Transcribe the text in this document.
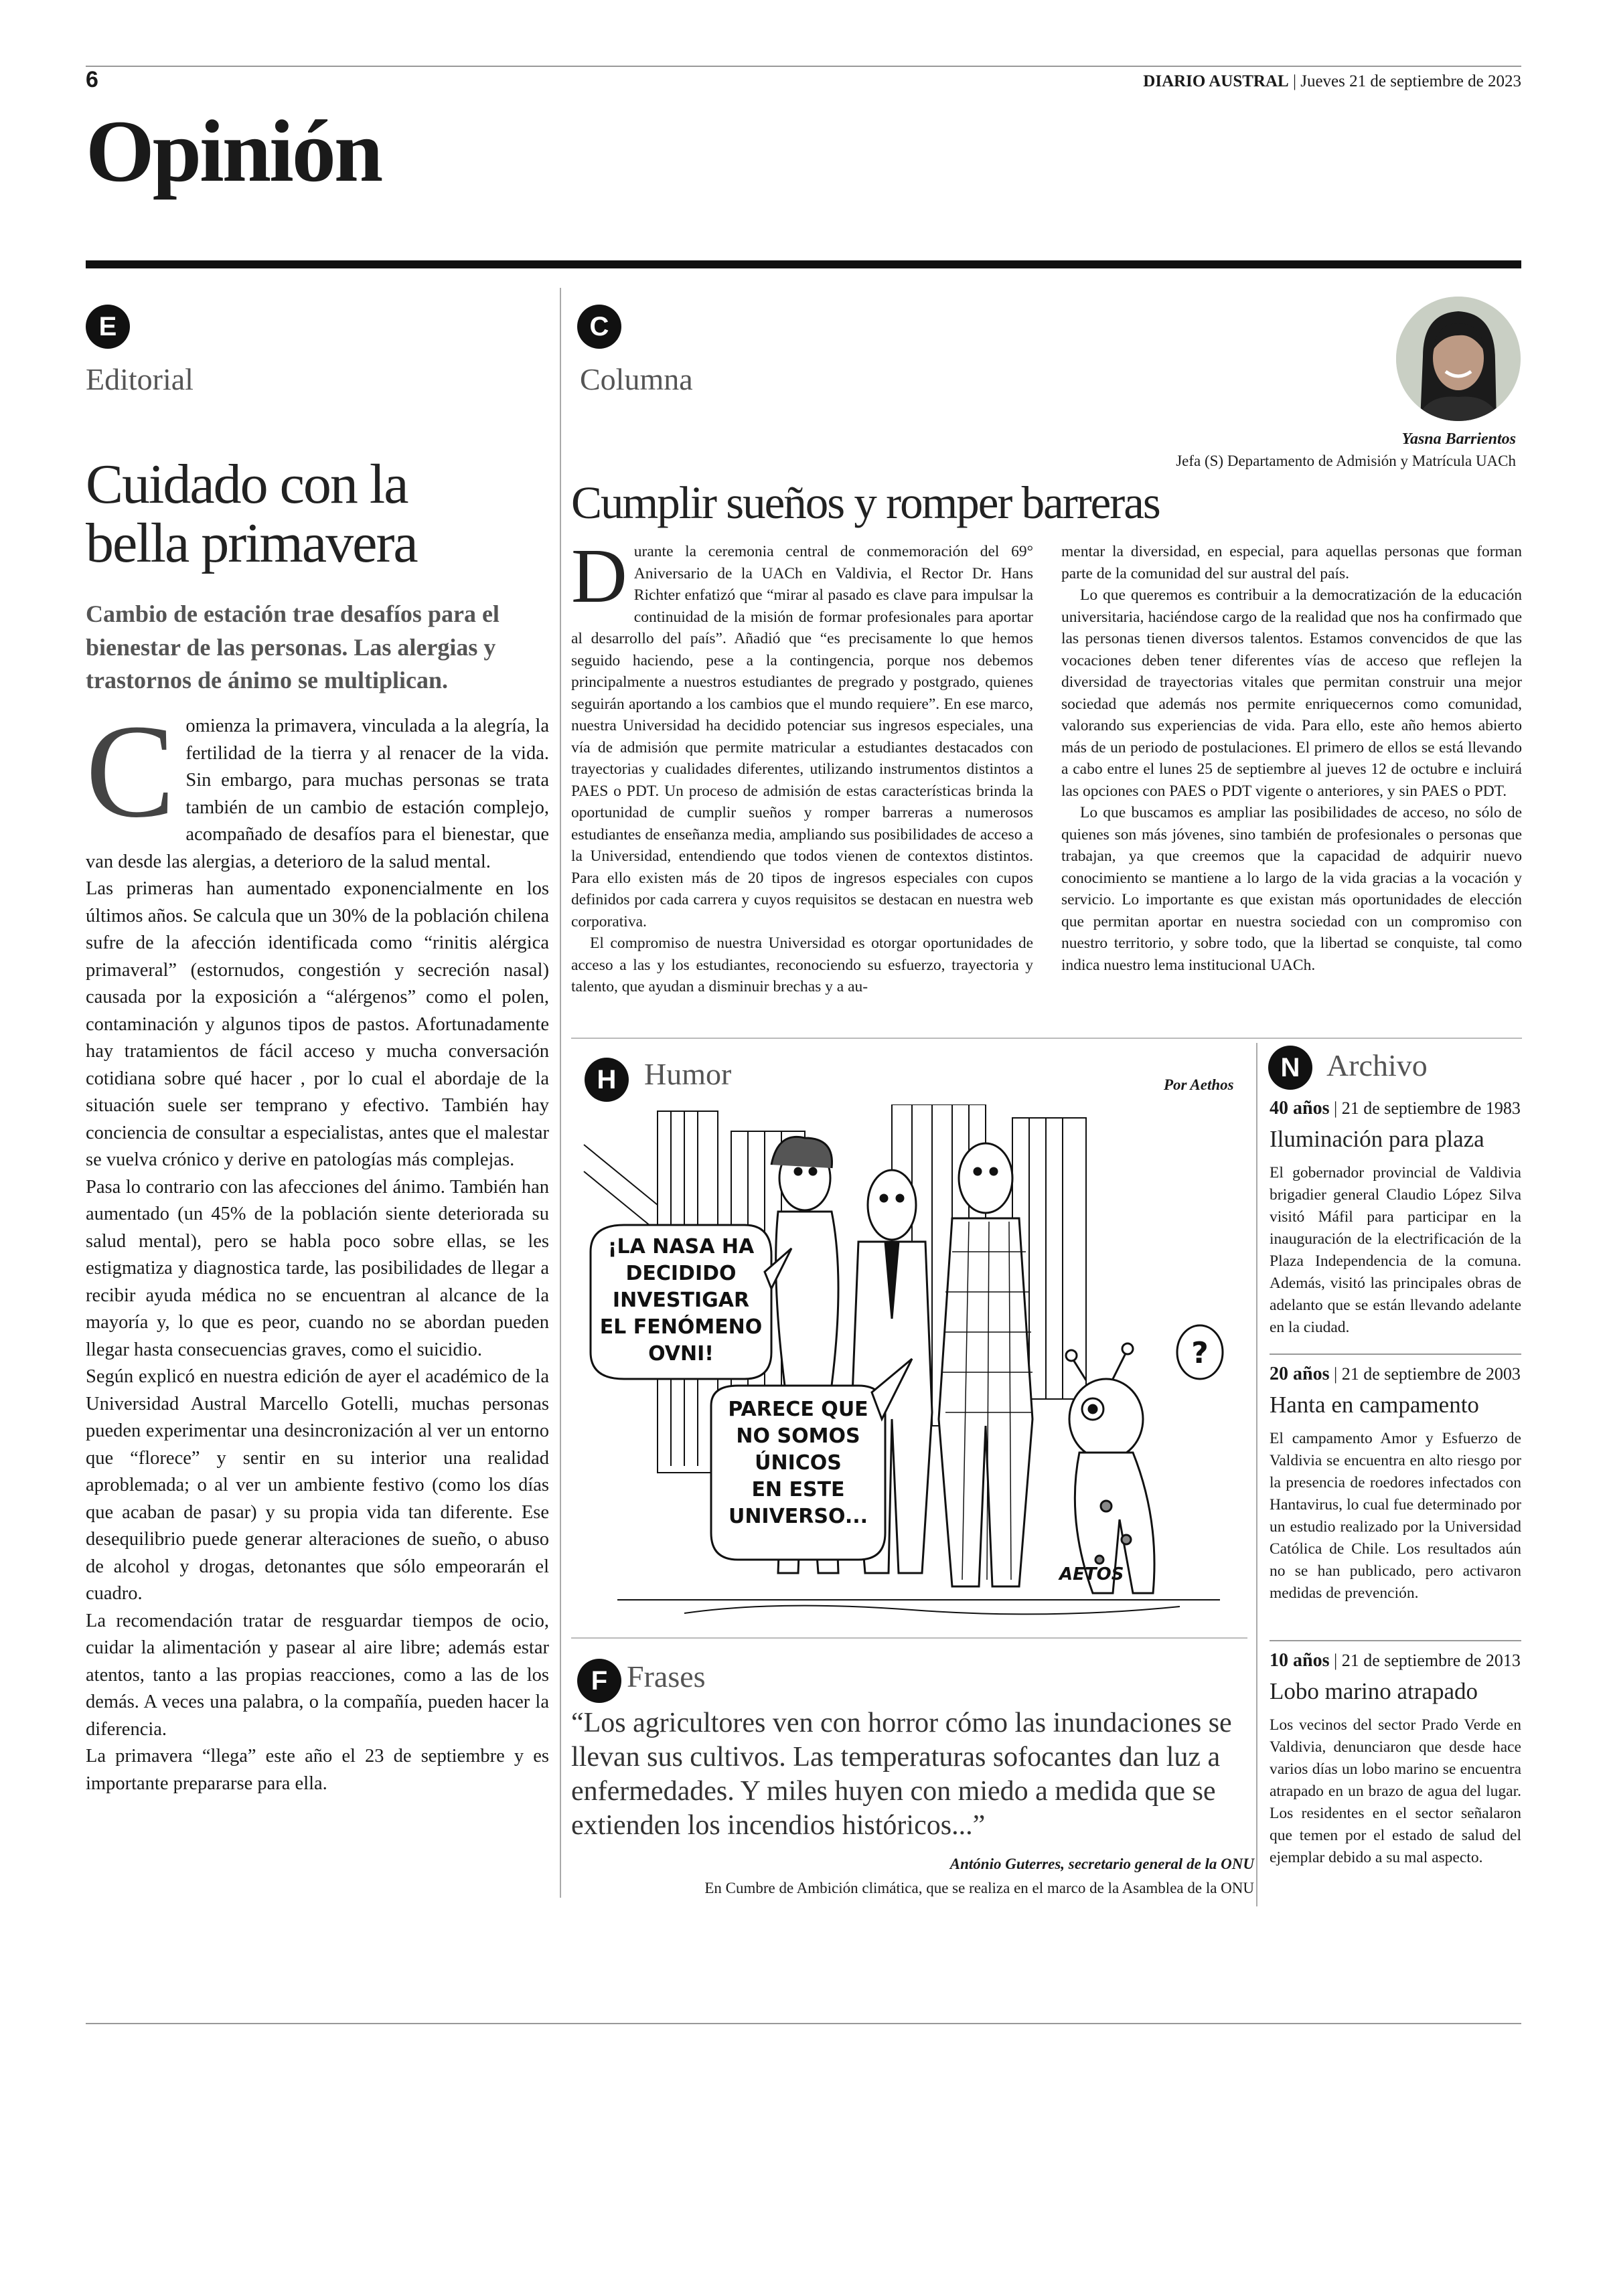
6	DIARIO AUSTRAL | Jueves 21 de septiembre de 2023
Opinión
E
Editorial
Cuidado con la
bella primavera
Cambio de estación trae desafíos para el bienestar de las personas. Las alergias y trastornos de ánimo se multiplican.

Comienza la primavera, vinculada a la alegría, la fertilidad de la tierra y al renacer de la vida. Sin embargo, para muchas personas se trata también de un cambio de estación complejo, acompañado de desafíos para el bienestar, que van desde las alergias, a deterioro de la salud mental.

Las primeras han aumentado exponencialmente en los últimos años. Se calcula que un 30% de la población chilena sufre de la afección identificada como “rinitis alérgica primaveral” (estornudos, congestión y secreción nasal) causada por la exposición a “alérgenos” como el polen, contaminación y algunos tipos de pastos. Afortunadamente hay tratamientos de fácil acceso y mucha conversación cotidiana sobre qué hacer , por lo cual el abordaje de la situación suele ser temprano y efectivo. También hay conciencia de consultar a especialistas, antes que el malestar se vuelva crónico y derive en patologías más complejas.

Pasa lo contrario con las afecciones del ánimo. También han aumentado (un 45% de la población siente deteriorada su salud mental), pero se habla poco sobre ellas, se les estigmatiza y diagnostica tarde, las posibilidades de llegar a recibir ayuda médica no se encuentran al alcance de la mayoría y, lo que es peor, cuando no se abordan pueden llegar hasta consecuencias graves, como el suicidio.

Según explicó en nuestra edición de ayer el académico de la Universidad Austral Marcello Gotelli, muchas personas pueden experimentar una desincronización al ver un entorno que “florece” y sentir en su interior una realidad aproblemada; o al ver un ambiente festivo (como los días que acaban de pasar) y su propia vida tan diferente. Ese desequilibrio puede generar alteraciones de sueño, o abuso de alcohol y drogas, detonantes que sólo empeorarán el cuadro.

La recomendación tratar de resguardar tiempos de ocio, cuidar la alimentación y pasear al aire libre; además estar atentos, tanto a las propias reacciones, como a las de los demás. A veces una palabra, o la compañía, pueden hacer la diferencia.

La primavera “llega” este año el 23 de septiembre y es importante prepararse para ella.

C
Columna
Yasna Barrientos
Jefa (S) Departamento de Admisión y Matrícula UACh
Cumplir sueños y romper barreras

Durante la ceremonia central de conmemoración del 69° Aniversario de la UACh en Valdivia, el Rector Dr. Hans Richter enfatizó que “mirar al pasado es clave para impulsar la continuidad de la misión de formar profesionales para aportar al desarrollo del país”. Añadió que “es precisamente lo que hemos seguido haciendo, pese a la contingencia, porque nos debemos principalmente a nuestros estudiantes de pregrado y postgrado, quienes seguirán aportando a los cambios que el mundo requiere”. En ese marco, nuestra Universidad ha decidido potenciar sus ingresos especiales, una vía de admisión que permite matricular a estudiantes destacados con trayectorias y cualidades diferentes, utilizando instrumentos distintos a PAES o PDT. Un proceso de admisión de estas características brinda la oportunidad de cumplir sueños y romper barreras a numerosos estudiantes de enseñanza media, ampliando sus posibilidades de acceso a la Universidad, entendiendo que todos vienen de contextos distintos. Para ello existen más de 20 tipos de ingresos especiales con cupos definidos por cada carrera y cuyos requisitos se destacan en nuestra web corporativa.

El compromiso de nuestra Universidad es otorgar oportunidades de acceso a las y los estudiantes, reconociendo su esfuerzo, trayectoria y talento, que ayudan a disminuir brechas y a au-

mentar la diversidad, en especial, para aquellas personas que forman parte de la comunidad del sur austral del país.

Lo que queremos es contribuir a la democratización de la educación universitaria, haciéndose cargo de la realidad que nos ha confirmado que las personas tienen diversos talentos. Estamos convencidos de que las vocaciones deben tener diferentes vías de acceso que reflejen la diversidad de trayectorias vitales que permitan construir una mejor sociedad que además nos permite enriquecernos como comunidad, valorando sus experiencias de vida. Para ello, este año hemos abierto más de un periodo de postulaciones. El primero de ellos se está llevando a cabo entre el lunes 25 de septiembre al jueves 12 de octubre e incluirá las opciones con PAES o PDT vigente o anteriores, y sin PAES o PDT.

Lo que buscamos es ampliar las posibilidades de acceso, no sólo de quienes son más jóvenes, sino también de profesionales o personas que trabajan, ya que creemos que la capacidad de adquirir nuevo conocimiento se mantiene a lo largo de la vida gracias a la vocación y servicio. Lo importante es que existan más oportunidades de elección que permitan aportar en nuestra sociedad con un compromiso con nuestro territorio, y sobre todo, que la libertad se conquiste, tal como indica nuestro lema institucional UACh.

H Humor	Por Aethos
?
¡LA NASA HA
DECIDIDO
INVESTIGAR
EL FENÓMENO
OVNI!
PARECE QUE
NO SOMOS
ÚNICOS
EN ESTE
UNIVERSO...
AETOS
F Frases
“Los agricultores ven con horror cómo las inundaciones se
llevan sus cultivos. Las temperaturas sofocantes dan luz a
enfermedades. Y miles huyen con miedo a medida que se
extienden los incendios históricos...”
António Guterres, secretario general de la ONU
En Cumbre de Ambición climática, que se realiza en el marco de la Asamblea de la ONU
N Archivo
40 años | 21 de septiembre de 1983
Iluminación para plaza
El gobernador provincial de Valdivia brigadier general Claudio López Silva visitó Máfil para participar en la inauguración de la electrificación de la Plaza Independencia de la comuna. Además, visitó las principales obras de adelanto que se están llevando adelante en la ciudad.
20 años | 21 de septiembre de 2003
Hanta en campamento
El campamento Amor y Esfuerzo de Valdivia se encuentra en alto riesgo por la presencia de roedores infectados con Hantavirus, lo cual fue determinado por un estudio realizado por la Universidad Católica de Chile. Los resultados aún no se han publicado, pero activaron medidas de prevención.
10 años | 21 de septiembre de 2013
Lobo marino atrapado
Los vecinos del sector Prado Verde en Valdivia, denunciaron que desde hace varios días un lobo marino se encuentra atrapado en un brazo de agua del lugar. Los residentes en el sector señalaron que temen por el estado de salud del ejemplar debido a su mal aspecto.
